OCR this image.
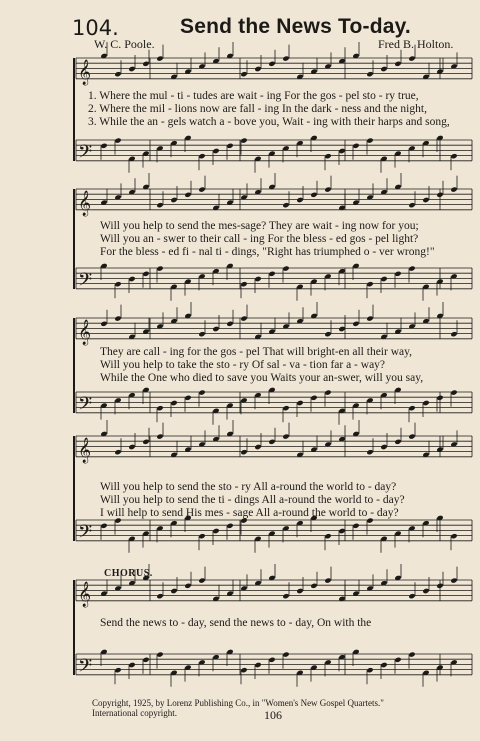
104.	Send the News To-day.
W. C. Poole.	Fred B. Holton.
𝄞
𝄢
𝄞
𝄢
𝄞
𝄢
𝄞
𝄢
𝄞
𝄢
1. Where the mul - ti - tudes are wait - ing For the gos - pel sto - ry true,
2. Where the mil - lions now are fall - ing In the dark - ness and the night,
3. While the an - gels watch a - bove you, Wait - ing with their harps and song,
Will you help to send the mes-sage? They are wait - ing now for you;
Will you an - swer to their call - ing For the bless - ed gos - pel light?
For the bless - ed fi - nal ti - dings, "Right has triumphed o - ver wrong!"
They are call - ing for the gos - pel That will bright-en all their way,
Will you help to take the sto - ry Of sal - va - tion far a - way?
While the One who died to save you Waits your an-swer, will you say,
Will you help to send the sto - ry All a-round the world to - day?
Will you help to send the ti - dings All a-round the world to - day?
I will help to send His mes - sage All a-round the world to - day?
CHORUS.
Send the news to - day, send the news to - day, On with the
Copyright, 1925, by Lorenz Publishing Co., in "Women's New Gospel Quartets."
International copyright.	106
